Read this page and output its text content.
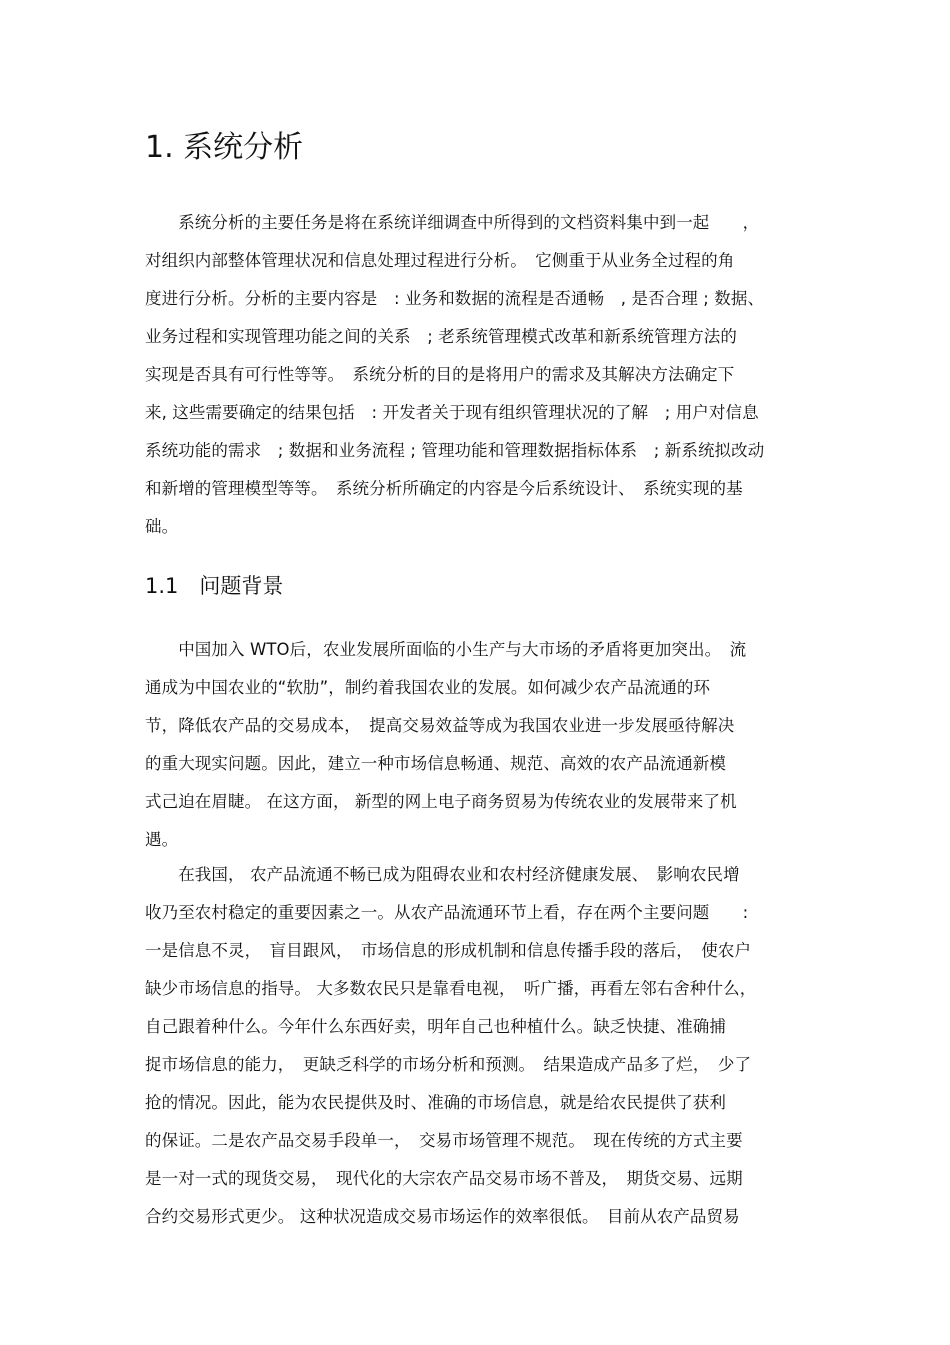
1. 系统分析
　　系统分析的主要任务是将在系统详细调查中所得到的文档资料集中到一起　　，
对组织内部整体管理状况和信息处理过程进行分析。　它侧重于从业务全过程的角
度进行分析。分析的主要内容是　: 业务和数据的流程是否通畅　, 是否合理 ; 数据、
业务过程和实现管理功能之间的关系　; 老系统管理模式改革和新系统管理方法的
实现是否具有可行性等等。　系统分析的目的是将用户的需求及其解决方法确定下
来, 这些需要确定的结果包括　: 开发者关于现有组织管理状况的了解　; 用户对信息
系统功能的需求　; 数据和业务流程 ; 管理功能和管理数据指标体系　; 新系统拟改动
和新增的管理模型等等。　系统分析所确定的内容是今后系统设计、　系统实现的基
础。
1.1　问题背景
　　中国加入 WTO后，农业发展所面临的小生产与大市场的矛盾将更加突出。　流
通成为中国农业的“软肋”，制约着我国农业的发展。如何减少农产品流通的环
节，降低农产品的交易成本，　提高交易效益等成为我国农业进一步发展亟待解决
的重大现实问题。因此，建立一种市场信息畅通、规范、高效的农产品流通新模
式己迫在眉睫。 在这方面， 新型的网上电子商务贸易为传统农业的发展带来了机
遇。
　　在我国， 农产品流通不畅已成为阻碍农业和农村经济健康发展、　影响农民增
收乃至农村稳定的重要因素之一。从农产品流通环节上看，存在两个主要问题　　:
一是信息不灵，　盲目跟风，　市场信息的形成机制和信息传播手段的落后，　使农户
缺少市场信息的指导。 大多数农民只是靠看电视，　听广播，再看左邻右舍种什么，
自己跟着种什么。今年什么东西好卖，明年自己也种植什么。缺乏快捷、准确捕
捉市场信息的能力，　更缺乏科学的市场分析和预测。　结果造成产品多了烂，　少了
抢的情况。因此，能为农民提供及时、准确的市场信息，就是给农民提供了获利
的保证。二是农产品交易手段单一，　交易市场管理不规范。　现在传统的方式主要
是一对一式的现货交易，　现代化的大宗农产品交易市场不普及，　期货交易、远期
合约交易形式更少。 这种状况造成交易市场运作的效率很低。　目前从农产品贸易
